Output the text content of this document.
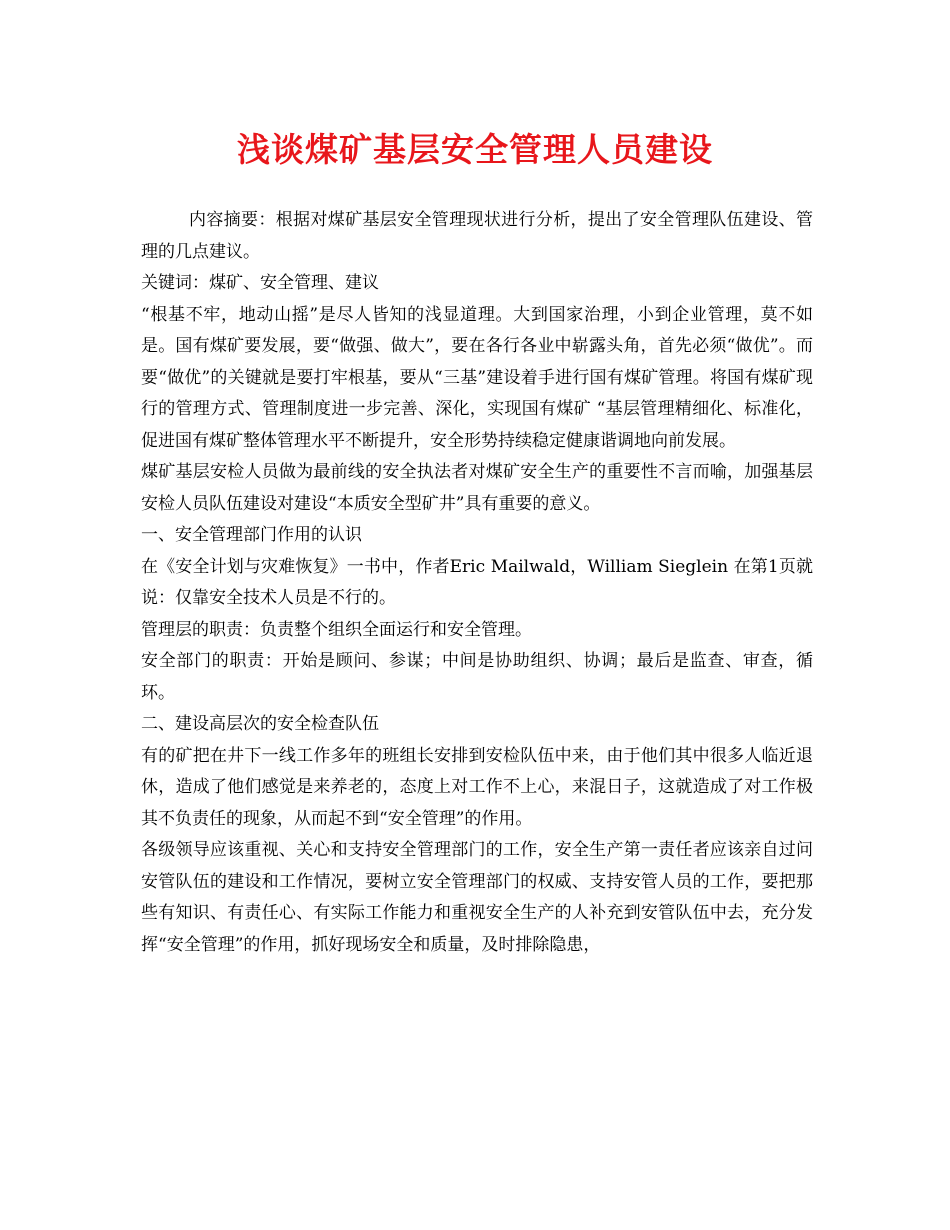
浅谈煤矿基层安全管理人员建设

内容摘要：根据对煤矿基层安全管理现状进行分析，提出了安全管理队伍建设、管理的几点建议。

关键词：煤矿、安全管理、建议

“根基不牢，地动山摇”是尽人皆知的浅显道理。大到国家治理，小到企业管理，莫不如是。国有煤矿要发展，要“做强、做大”，要在各行各业中崭露头角，首先必须“做优”。而要“做优”的关键就是要打牢根基，要从“三基”建设着手进行国有煤矿管理。将国有煤矿现行的管理方式、管理制度进一步完善、深化，实现国有煤矿 “基层管理精细化、标准化，促进国有煤矿整体管理水平不断提升，安全形势持续稳定健康谐调地向前发展。

煤矿基层安检人员做为最前线的安全执法者对煤矿安全生产的重要性不言而喻，加强基层安检人员队伍建设对建设“本质安全型矿井”具有重要的意义。

一、安全管理部门作用的认识

在《安全计划与灾难恢复》一书中，作者Eric Mailwald，William Sieglein 在第1页就说：仅靠安全技术人员是不行的。

管理层的职责：负责整个组织全面运行和安全管理。

安全部门的职责：开始是顾问、参谋；中间是协助组织、协调；最后是监查、审查，循环。

二、建设高层次的安全检查队伍

有的矿把在井下一线工作多年的班组长安排到安检队伍中来，由于他们其中很多人临近退休，造成了他们感觉是来养老的，态度上对工作不上心，来混日子，这就造成了对工作极其不负责任的现象，从而起不到“安全管理”的作用。

各级领导应该重视、关心和支持安全管理部门的工作，安全生产第一责任者应该亲自过问安管队伍的建设和工作情况，要树立安全管理部门的权威、支持安管人员的工作，要把那些有知识、有责任心、有实际工作能力和重视安全生产的人补充到安管队伍中去，充分发挥“安全管理”的作用，抓好现场安全和质量，及时排除隐患，
